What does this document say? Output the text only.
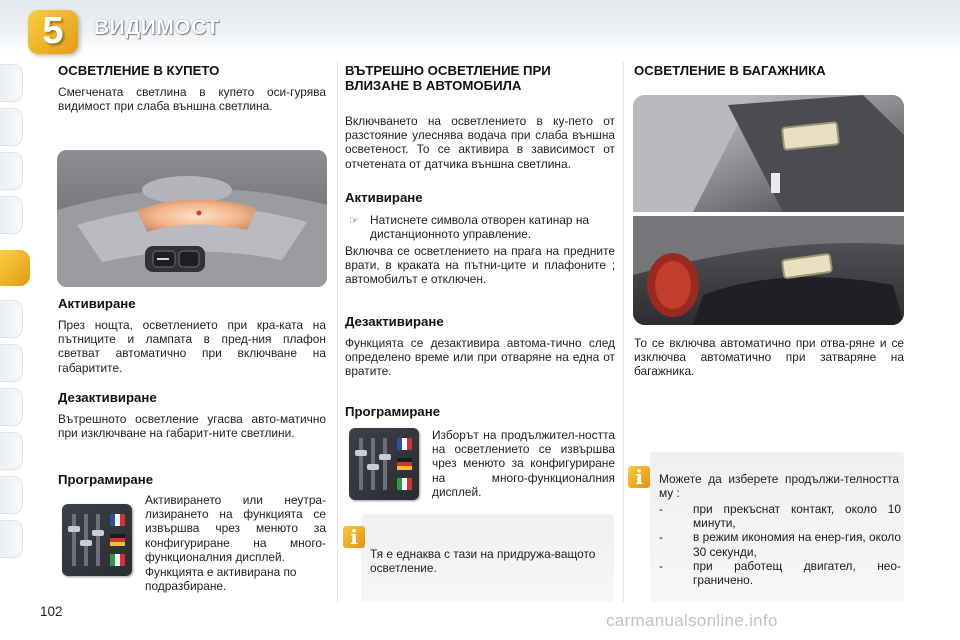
5	ВИДИМОСТ
ОСВЕТЛЕНИЕ В КУПЕТО

Смегчената светлина в купето оси-гурява видимост при слаба външна светлина.

Активиране

През нощта, осветлението при кра-ката на пътниците и лампата в пред-ния плафон светват автоматично при включване на габаритите.

Дезактивиране

Вътрешното осветление угасва авто-матично при изключване на габарит-ните светлини.

Програмиране

Активирането или неутра-лизирането на функцията се извършва чрез менюто за конфигуриране на много-функционалния дисплей.

Функцията е активирана по подразбиране.

ВЪТРЕШНО ОСВЕТЛЕНИЕ ПРИ ВЛИЗАНЕ В АВТОМОБИЛА

Включването на осветлението в ку-пето от разстояние улеснява водача при слаба външна осветеност. То се активира в зависимост от отчетената от датчика външна светлина.

Активиране
☞ Натиснете символа отворен катинар на дистанционното управление.

Включва се осветлението на прага на предните врати, в краката на пътни-ците и плафоните ; автомобилът е отключен.

Дезактивиране

Функцията се дезактивира автома-тично след определено време или при отваряне на една от вратите.

Програмиране

Изборът на продължител-ността на осветлението се извършва чрез менюто за конфигуриране на много-функционалния дисплей.

i

Тя е еднаква с тази на придружа-ващото осветление.

ОСВЕТЛЕНИЕ В БАГАЖНИКА

То се включва автоматично при отва-ряне и се изключва автоматично при затваряне на багажника.

i	Можете да изберете продължи-телността му :

-	при прекъснат контакт, около 10 минути,
-	в режим икономия на енер-гия, около 30 секунди,
-	при работещ двигател, нео-граничено.
102	carmanualsonline.info
